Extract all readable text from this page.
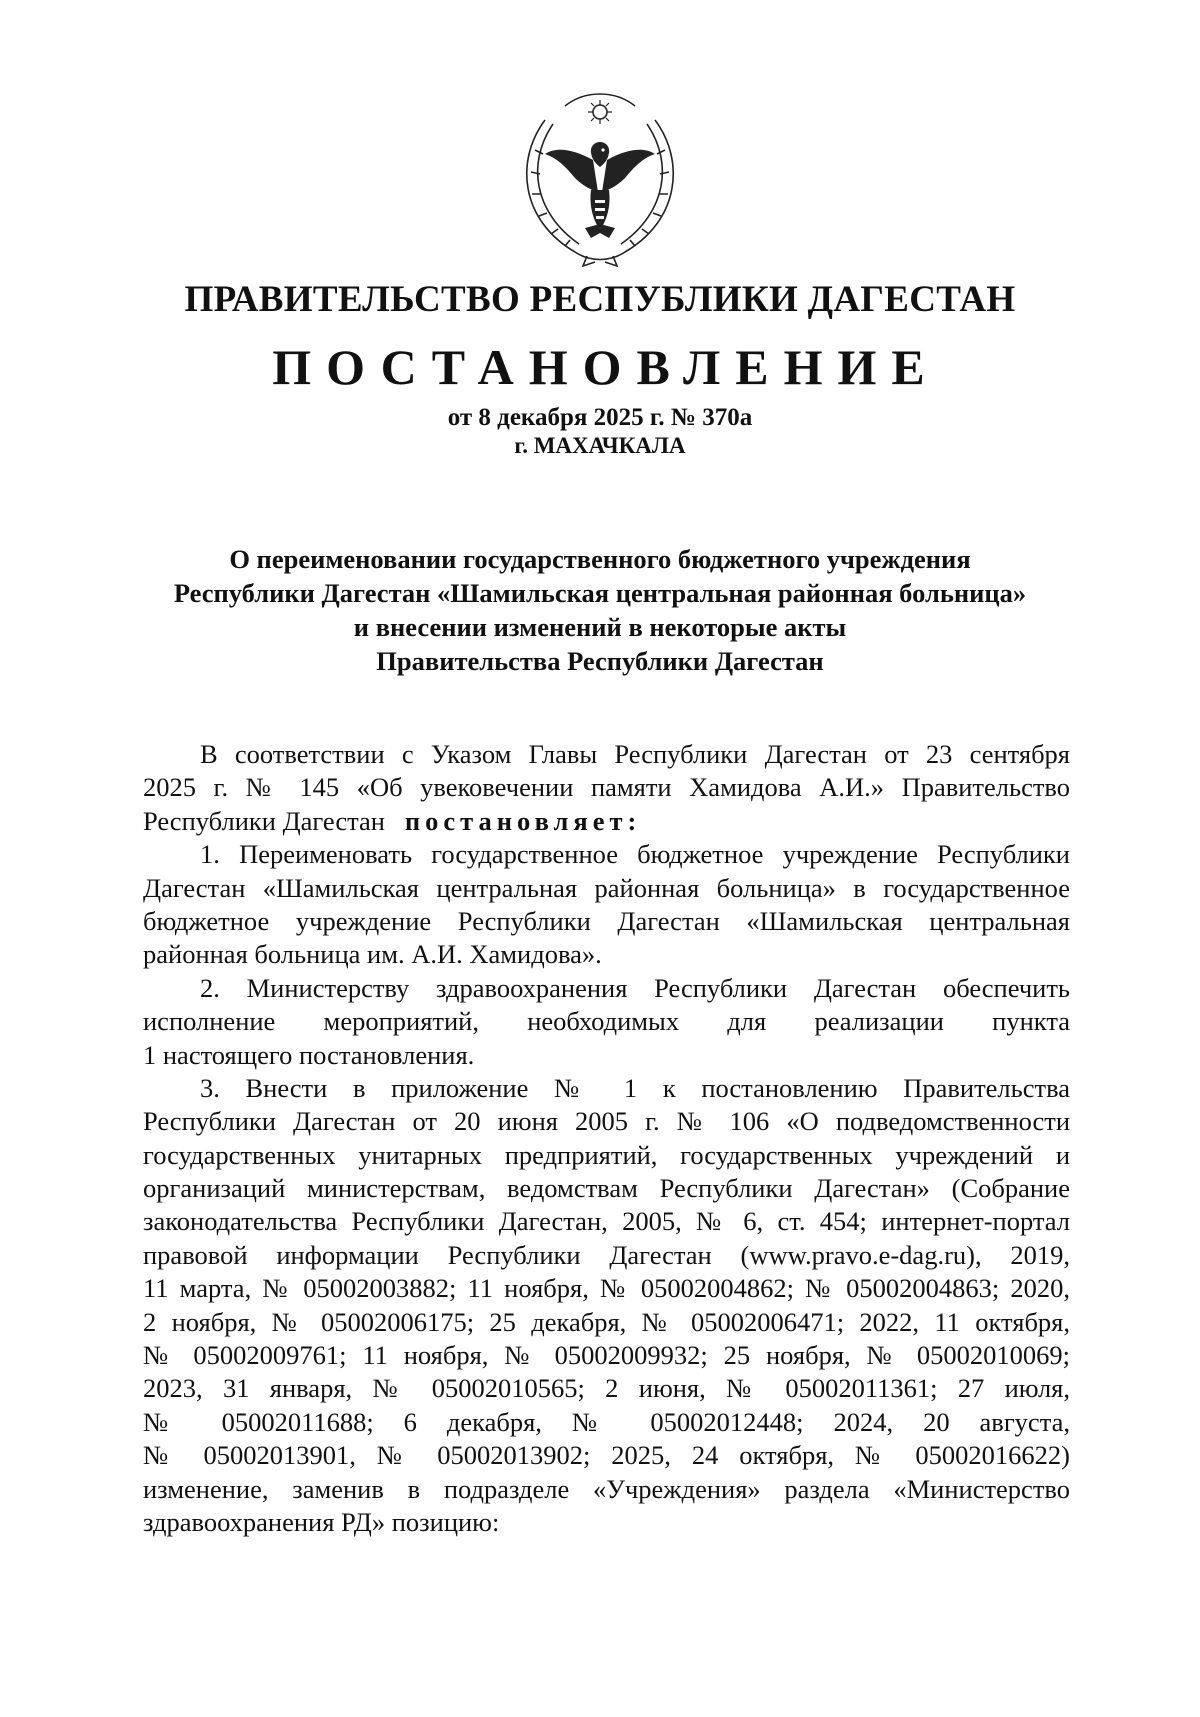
ПРАВИТЕЛЬСТВО РЕСПУБЛИКИ ДАГЕСТАН
ПОСТАНОВЛЕНИЕ
от 8 декабря 2025 г. № 370а
г. МАХАЧКАЛА
О переименовании государственного бюджетного учреждения
Республики Дагестан «Шамильская центральная районная больница»
и внесении изменений в некоторые акты
Правительства Республики Дагестан
В соответствии с Указом Главы Республики Дагестан от 23 сентября
2025 г. № 145 «Об увековечении памяти Хамидова А.И.» Правительство
Республики Дагестан постановляет:
1. Переименовать государственное бюджетное учреждение Республики
Дагестан «Шамильская центральная районная больница» в государственное
бюджетное учреждение Республики Дагестан «Шамильская центральная
районная больница им. А.И. Хамидова».
2. Министерству здравоохранения Республики Дагестан обеспечить
исполнение мероприятий, необходимых для реализации пункта
1 настоящего постановления.
3. Внести в приложение № 1 к постановлению Правительства
Республики Дагестан от 20 июня 2005 г. № 106 «О подведомственности
государственных унитарных предприятий, государственных учреждений и
организаций министерствам, ведомствам Республики Дагестан» (Собрание
законодательства Республики Дагестан, 2005, № 6, ст. 454; интернет-портал
правовой информации Республики Дагестан (www.pravo.e-dag.ru), 2019,
11 марта, № 05002003882; 11 ноября, № 05002004862; № 05002004863; 2020,
2 ноября, № 05002006175; 25 декабря, № 05002006471; 2022, 11 октября,
№ 05002009761; 11 ноября, № 05002009932; 25 ноября, № 05002010069;
2023, 31 января, № 05002010565; 2 июня, № 05002011361; 27 июля,
№ 05002011688; 6 декабря, № 05002012448; 2024, 20 августа,
№ 05002013901, № 05002013902; 2025, 24 октября, № 05002016622)
изменение, заменив в подразделе «Учреждения» раздела «Министерство
здравоохранения РД» позицию:
